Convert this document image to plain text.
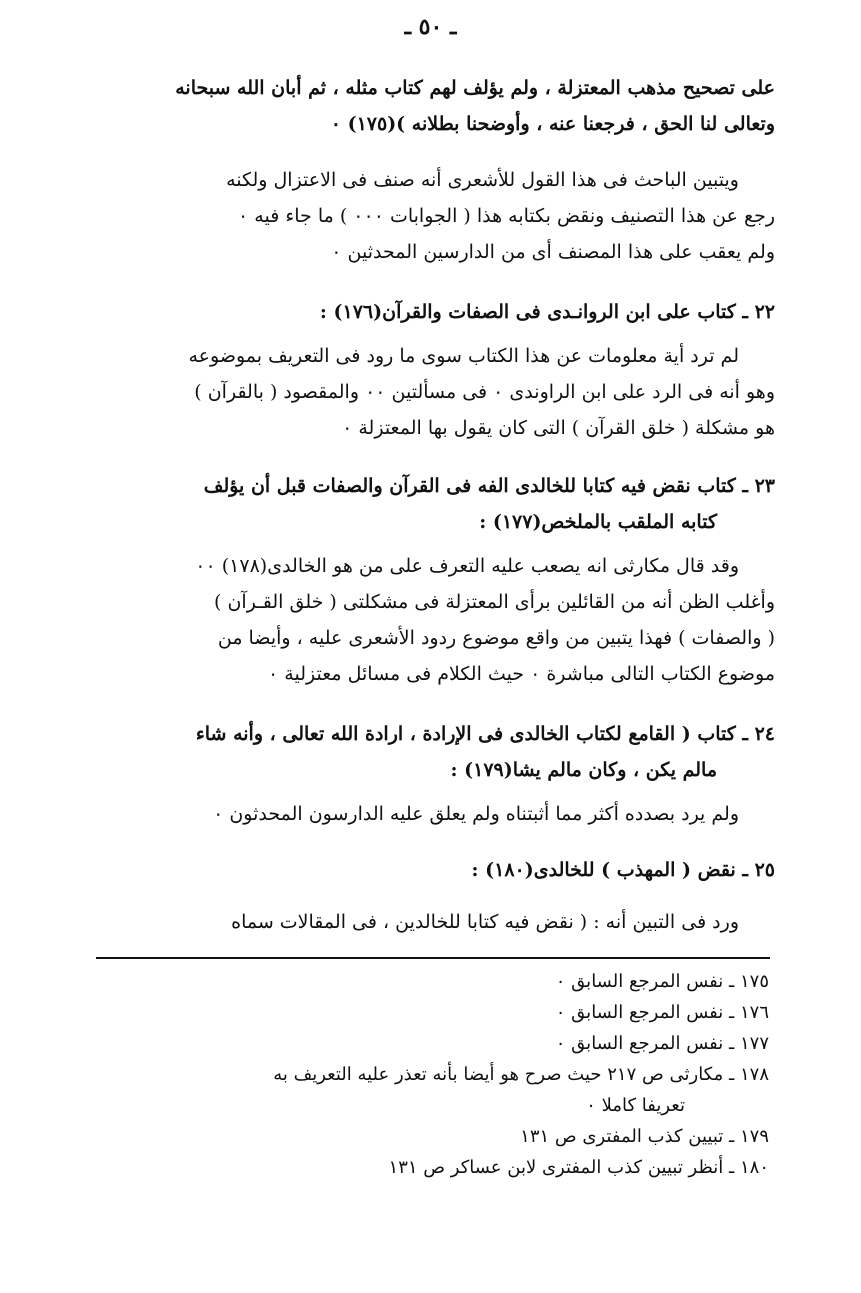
ـ ٥٠ ـ
على تصحيح مذهب المعتزلة ، ولم يؤلف لهم كتاب مثله ، ثم أبان الله سبحانه
وتعالى لنا الحق ، فرجعنا عنه ، وأوضحنا بطلانه )(١٧٥) ٠
ويتبين الباحث فى هذا القول للأشعرى أنه صنف فى الاعتزال ولكنه
رجع عن هذا التصنيف ونقض بكتابه هذا ( الجوابات ٠٠٠ ) ما جاء فيه ٠
ولم يعقب على هذا المصنف أى من الدارسين المحدثين ٠
٢٢ ـ كتاب على ابن الروانـدى فى الصفات والقرآن(١٧٦) :
لم ترد أية معلومات عن هذا الكتاب سوى ما رود فى التعريف بموضوعه
وهو أنه فى الرد على ابن الراوندى ٠ فى مسألتين ٠٠ والمقصود ( بالقرآن )
هو مشكلة ( خلق القرآن ) التى كان يقول بها المعتزلة ٠
٢٣ ـ كتاب نقض فيه كتابا للخالدى الفه فى القرآن والصفات قبل أن يؤلف
كتابه الملقب بالملخص(١٧٧) :
وقد قال مكارثى انه يصعب عليه التعرف على من هو الخالدى(١٧٨) ٠٠
وأغلب الظن أنه من القائلين برأى المعتزلة فى مشكلتى ( خلق القـرآن )
( والصفات ) فهذا يتبين من واقع موضوع ردود الأشعرى عليه ، وأيضا من
موضوع الكتاب التالى مباشرة ٠ حيث الكلام فى مسائل معتزلية ٠
٢٤ ـ كتاب ( القامع لكتاب الخالدى فى الإرادة ، ارادة الله تعالى ، وأنه شاء
مالم يكن ، وكان مالم يشا(١٧٩) :
ولم يرد بصدده أكثر مما أثبتناه ولم يعلق عليه الدارسون المحدثون ٠
٢٥ ـ نقض ( المهذب ) للخالدى(١٨٠) :
ورد فى التبين أنه : ( نقض فيه كتابا للخالدين ، فى المقالات سماه
١٧٥ ـ نفس المرجع السابق ٠
١٧٦ ـ نفس المرجع السابق ٠
١٧٧ ـ نفس المرجع السابق ٠
١٧٨ ـ مكارثى ص ٢١٧ حيث صرح هو أيضا بأنه تعذر عليه التعريف به
تعريفا كاملا ٠
١٧٩ ـ تبيين كذب المفترى ص ١٣١
١٨٠ ـ أنظر تبيين كذب المفترى لابن عساكر ص ١٣١
